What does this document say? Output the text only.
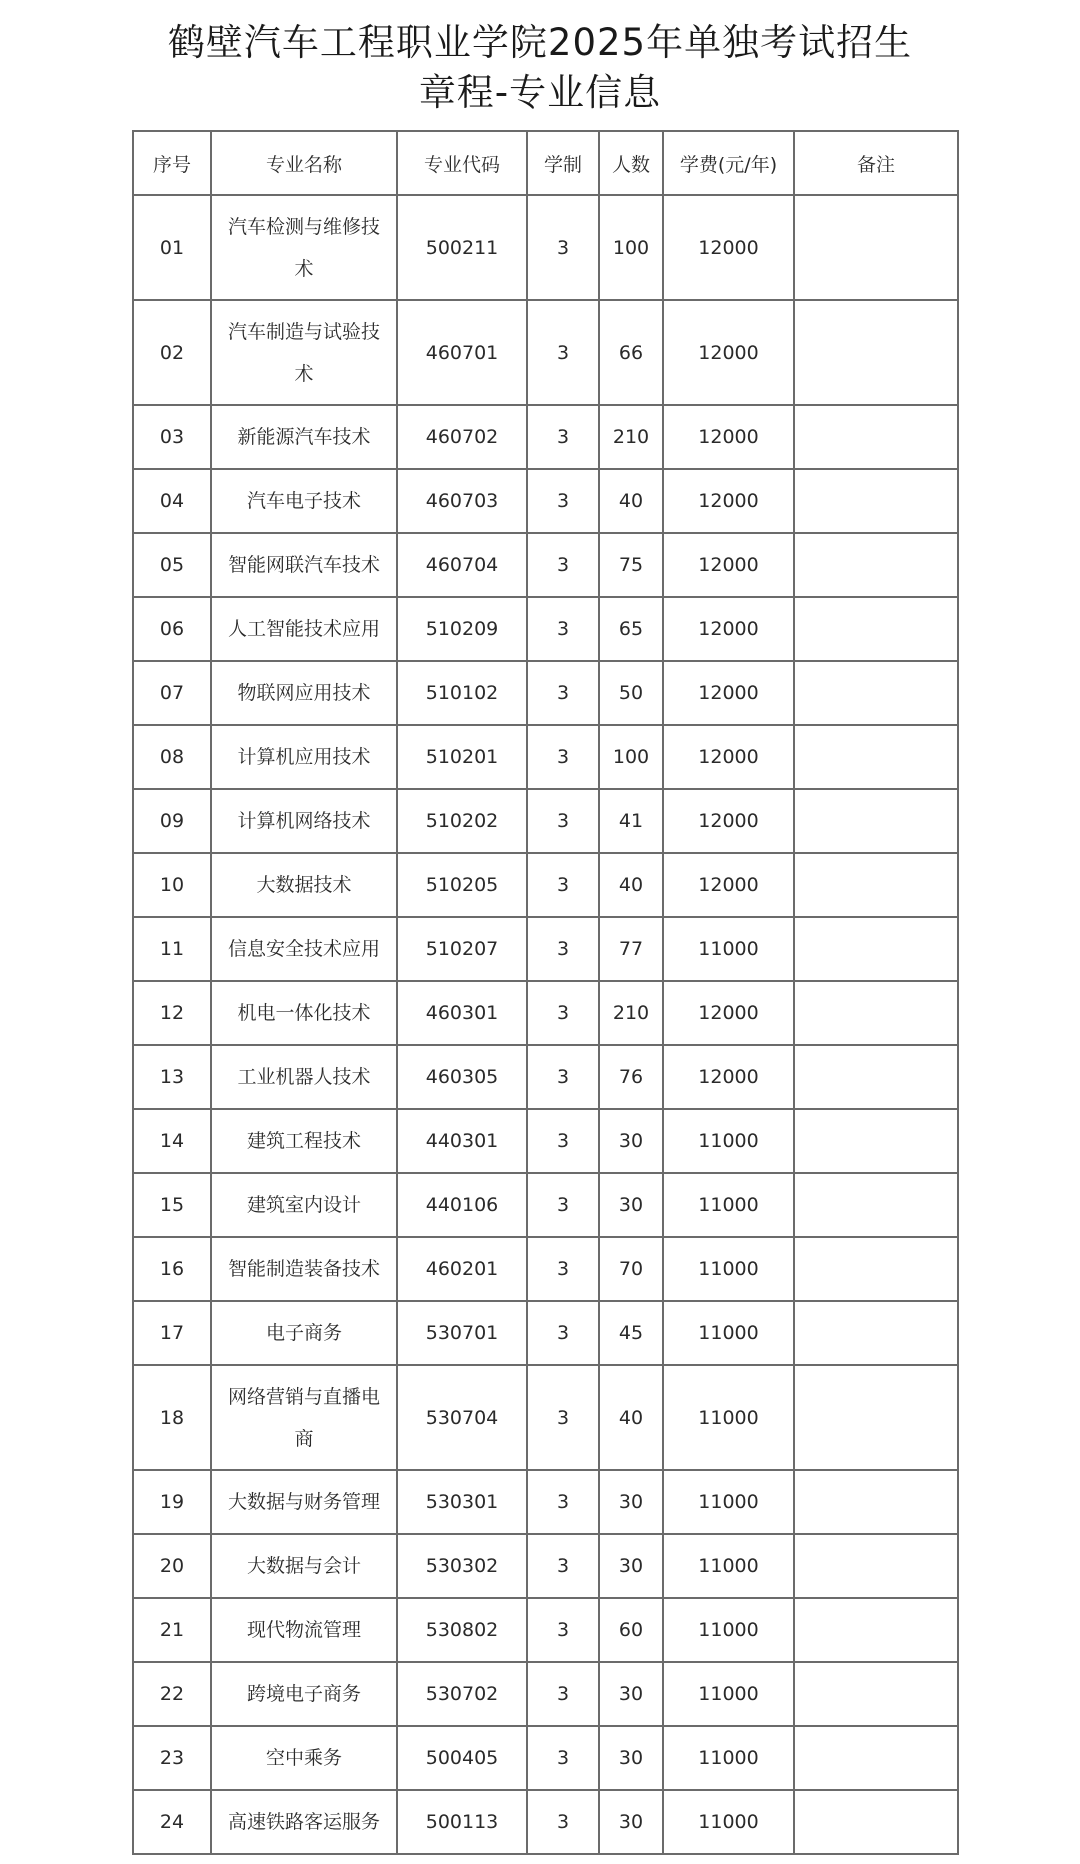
鹤壁汽车工程职业学院2025年单独考试招生
章程-专业信息
序号	专业名称	专业代码	学制	人数	学费(元/年)	备注
01	汽车检测与维修技术	500211	3	100	12000	
02	汽车制造与试验技术	460701	3	66	12000	
03	新能源汽车技术	460702	3	210	12000	
04	汽车电子技术	460703	3	40	12000	
05	智能网联汽车技术	460704	3	75	12000	
06	人工智能技术应用	510209	3	65	12000	
07	物联网应用技术	510102	3	50	12000	
08	计算机应用技术	510201	3	100	12000	
09	计算机网络技术	510202	3	41	12000	
10	大数据技术	510205	3	40	12000	
11	信息安全技术应用	510207	3	77	11000	
12	机电一体化技术	460301	3	210	12000	
13	工业机器人技术	460305	3	76	12000	
14	建筑工程技术	440301	3	30	11000	
15	建筑室内设计	440106	3	30	11000	
16	智能制造装备技术	460201	3	70	11000	
17	电子商务	530701	3	45	11000	
18	网络营销与直播电商	530704	3	40	11000	
19	大数据与财务管理	530301	3	30	11000	
20	大数据与会计	530302	3	30	11000	
21	现代物流管理	530802	3	60	11000	
22	跨境电子商务	530702	3	30	11000	
23	空中乘务	500405	3	30	11000	
24	高速铁路客运服务	500113	3	30	11000	
